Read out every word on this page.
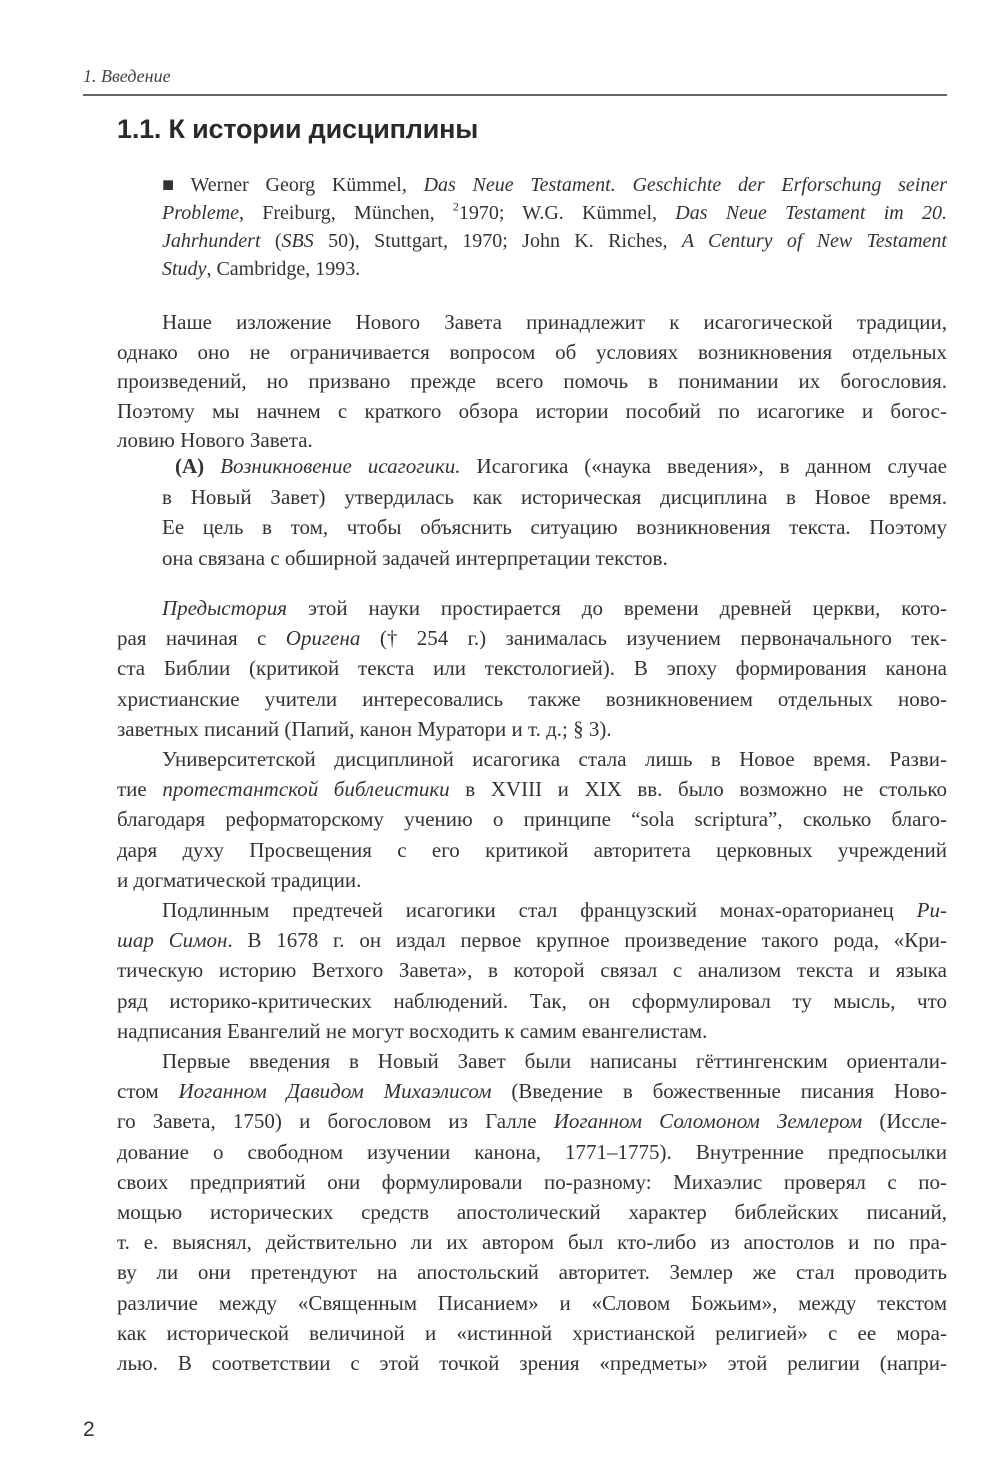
1. Введение
1.1. К истории дисциплины
■ Werner Georg Kümmel, Das Neue Testament. Geschichte der Erforschung seiner
Probleme, Freiburg, München, $^2$1970; W.G. Kümmel, Das Neue Testament im 20.
Jahrhundert (SBS 50), Stuttgart, 1970; John K. Riches, A Century of New Testament
Study, Cambridge, 1993.
Наше изложение Нового Завета принадлежит к исагогической традиции,
однако оно не ограничивается вопросом об условиях возникновения отдельных
произведений, но призвано прежде всего помочь в понимании их богословия.
Поэтому мы начнем с краткого обзора истории пособий по исагогике и богос-
ловию Нового Завета.
(A) Возникновение исагогики. Исагогика («наука введения», в данном случае
в Новый Завет) утвердилась как историческая дисциплина в Новое время.
Ее цель в том, чтобы объяснить ситуацию возникновения текста. Поэтому
она связана с обширной задачей интерпретации текстов.
Предыстория этой науки простирается до времени древней церкви, кото-
рая начиная с Оригена († 254 г.) занималась изучением первоначального тек-
ста Библии (критикой текста или текстологией). В эпоху формирования канона
христианские учители интересовались также возникновением отдельных ново-
заветных писаний (Папий, канон Муратори и т. д.; § 3).
Университетской дисциплиной исагогика стала лишь в Новое время. Разви-
тие протестантской библеистики в XVIII и XIX вв. было возможно не столько
благодаря реформаторскому учению о принципе “sola scriptura”, сколько благо-
даря духу Просвещения с его критикой авторитета церковных учреждений
и догматической традиции.
Подлинным предтечей исагогики стал французский монах-ораторианец Ри-
шар Симон. В 1678 г. он издал первое крупное произведение такого рода, «Кри-
тическую историю Ветхого Завета», в которой связал с анализом текста и языка
ряд историко-критических наблюдений. Так, он сформулировал ту мысль, что
надписания Евангелий не могут восходить к самим евангелистам.
Первые введения в Новый Завет были написаны гёттингенским ориентали-
стом Иоганном Давидом Михаэлисом (Введение в божественные писания Ново-
го Завета, 1750) и богословом из Галле Иоганном Соломоном Землером (Иссле-
дование о свободном изучении канона, 1771–1775). Внутренние предпосылки
своих предприятий они формулировали по-разному: Михаэлис проверял с по-
мощью исторических средств апостолический характер библейских писаний,
т. е. выяснял, действительно ли их автором был кто-либо из апостолов и по пра-
ву ли они претендуют на апостольский авторитет. Землер же стал проводить
различие между «Священным Писанием» и «Словом Божьим», между текстом
как исторической величиной и «истинной христианской религией» с ее мора-
лью. В соответствии с этой точкой зрения «предметы» этой религии (напри-
2
